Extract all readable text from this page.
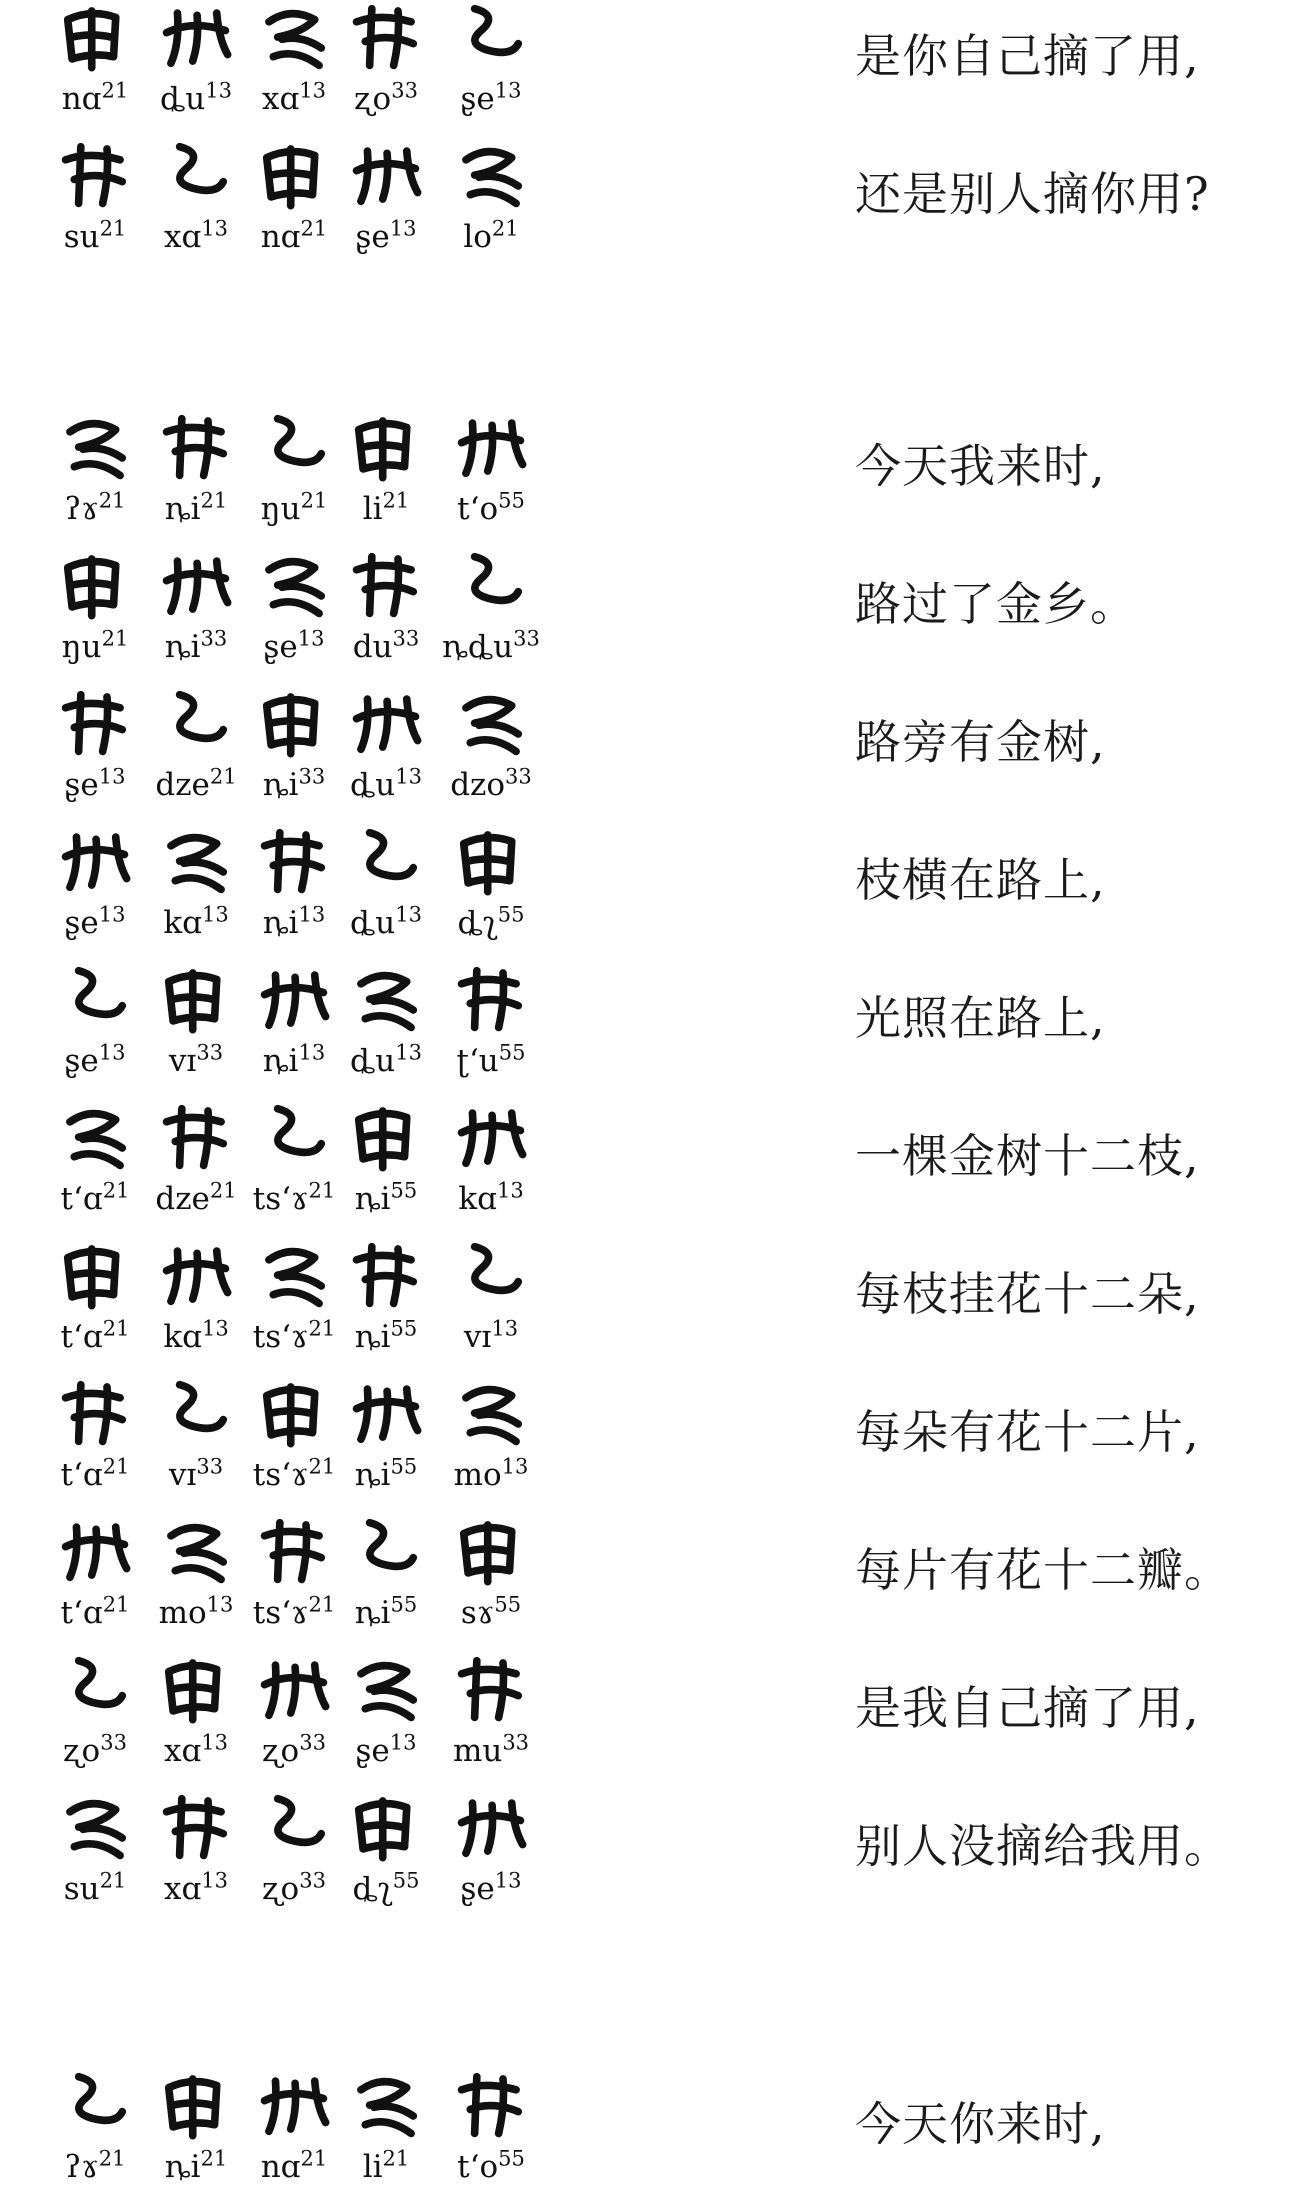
nɑ$^{21}$	$ȡu^{13}$ xɑ$^{13}$ ʐo$^{33}$	ʂe$^{13}$
是你自己摘了用,
$su^{21}$	xɑ$^{13}$	nɑ$^{21}$ ʂe$^{13}$	$lo^{21}$
还是别人摘你用?
ʔɤ$^{21}$	$ȵi^{21}$	$ŋu^{21}$	$li^{21}$	tʻo$^{55}$
今天我来时,
$ŋu^{21}$	$ȵi^{33}$	ʂe$^{13}$ $du^{33}$ ȵȡu$^{33}$
路过了金乡。
ʂe$^{13}$ dze$^{21}$ $ȵi^{33}$ $ȡu^{13}$ dzo$^{33}$
路旁有金树,
ʂe$^{13}$	kɑ$^{13}$	$ȵi^{13}$ $ȡu^{13}$	ȡʅ$^{55}$
枝横在路上,
ʂe$^{13}$	vɪ$^{33}$	$ȵi^{13}$ $ȡu^{13}$	ʈʻu$^{55}$
光照在路上,
tʻɑ$^{21}$ dze$^{21}$ tsʻɤ$^{21}$ $ȵi^{55}$	kɑ$^{13}$
一棵金树十二枝,
tʻɑ$^{21}$	kɑ$^{13}$ tsʻɤ$^{21}$ $ȵi^{55}$	vɪ$^{13}$
每枝挂花十二朵,
tʻɑ$^{21}$	vɪ$^{33}$ tsʻɤ$^{21}$ $ȵi^{55}$	$mo^{13}$
每朵有花十二片,
tʻɑ$^{21}$ $mo^{13}$ tsʻɤ$^{21}$ $ȵi^{55}$	sɤ$^{55}$
每片有花十二瓣。
ʐo$^{33}$	xɑ$^{13}$	ʐo$^{33}$ ʂe$^{13}$	$mu^{33}$
是我自己摘了用,
$su^{21}$	xɑ$^{13}$	ʐo$^{33}$ ȡʅ$^{55}$	ʂe$^{13}$
别人没摘给我用。
ʔɤ$^{21}$	$ȵi^{21}$	nɑ$^{21}$	$li^{21}$	tʻo$^{55}$
今天你来时,
